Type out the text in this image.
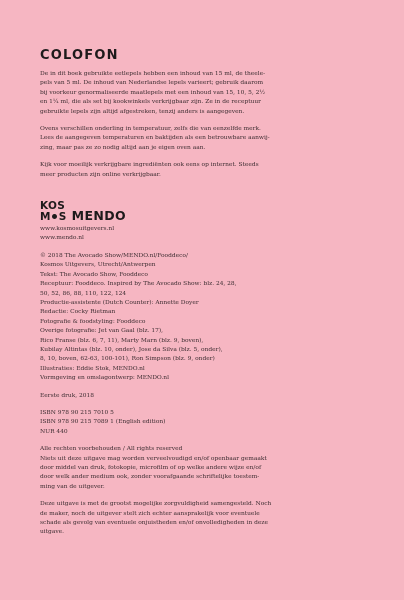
COLOFON

De in dit boek gebruikte eetlepels hebben een inhoud van 15 ml, de theele-
pels van 5 ml. De inhoud van Nederlandse lepels varieert; gebruik daarom
bij voorkeur genormaliseerde maatlepels met een inhoud van 15, 10, 5, 2½
en 1¼ ml, die als set bij kookwinkels verkrijgbaar zijn. Ze in de receptuur
gebruikte lepels zijn altijd afgestreken, tenzij anders is aangegeven.

Ovens verschillen onderling in temperatuur, zelfs die van eenzelfde merk.
Lees de aangegeven temperaturen en baktijden als een betrouwbare aanwij-
zing, maar pas ze zo nodig altijd aan je eigen oven aan.

Kijk voor moeilijk verkrijgbare ingrediënten ook eens op internet. Steeds
meer producten zijn online verkrijgbaar.

KOS
M S MENDO
www.kosmosuitgevers.nl
www.mendo.nl
© 2018 The Avocado Show/MENDO.nl/Fooddeco/
Kosmos Uitgevers, Utrecht/Antwerpen
Tekst: The Avocado Show, Fooddeco
Receptuur: Fooddeco. Inspired by The Avocado Show: blz. 24, 28,
50, 52, 86, 88, 110, 122, 124
Productie-assistente (Dutch Counter): Annette Doyer
Redactie: Cocky Rietman
Fotografie & foodstyling: Fooddeco
Overige fotografie: Jet van Gaal (blz. 17),
Rico Franse (blz. 6, 7, 11), Marty Marn (blz. 9, boven),
Kubilay Altintas (blz. 10, onder), Jose da Silva (blz. 5, onder),
8, 10, boven, 62-63, 100-101), Ron Simpson (blz. 9, onder)
Illustraties: Eddie Stok, MENDO.nl
Vormgeving en omslagontwerp: MENDO.nl
Eerste druk, 2018
ISBN 978 90 215 7010 5
ISBN 978 90 215 7089 1 (English edition)
NUR 440
Alle rechten voorbehouden / All rights reserved
Niets uit deze uitgave mag worden verveelvoudigd en/of openbaar gemaakt
door middel van druk, fotokopie, microfilm of op welke andere wijze en/of
door welk ander medium ook, zonder voorafgaande schriftelijke toestem-
ming van de uitgever.
Deze uitgave is met de grootst mogelijke zorgvuldigheid samengesteld. Noch
de maker, noch de uitgever stelt zich echter aansprakelijk voor eventuele
schade als gevolg van eventuele onjuistheden en/of onvolledigheden in deze
uitgave.
